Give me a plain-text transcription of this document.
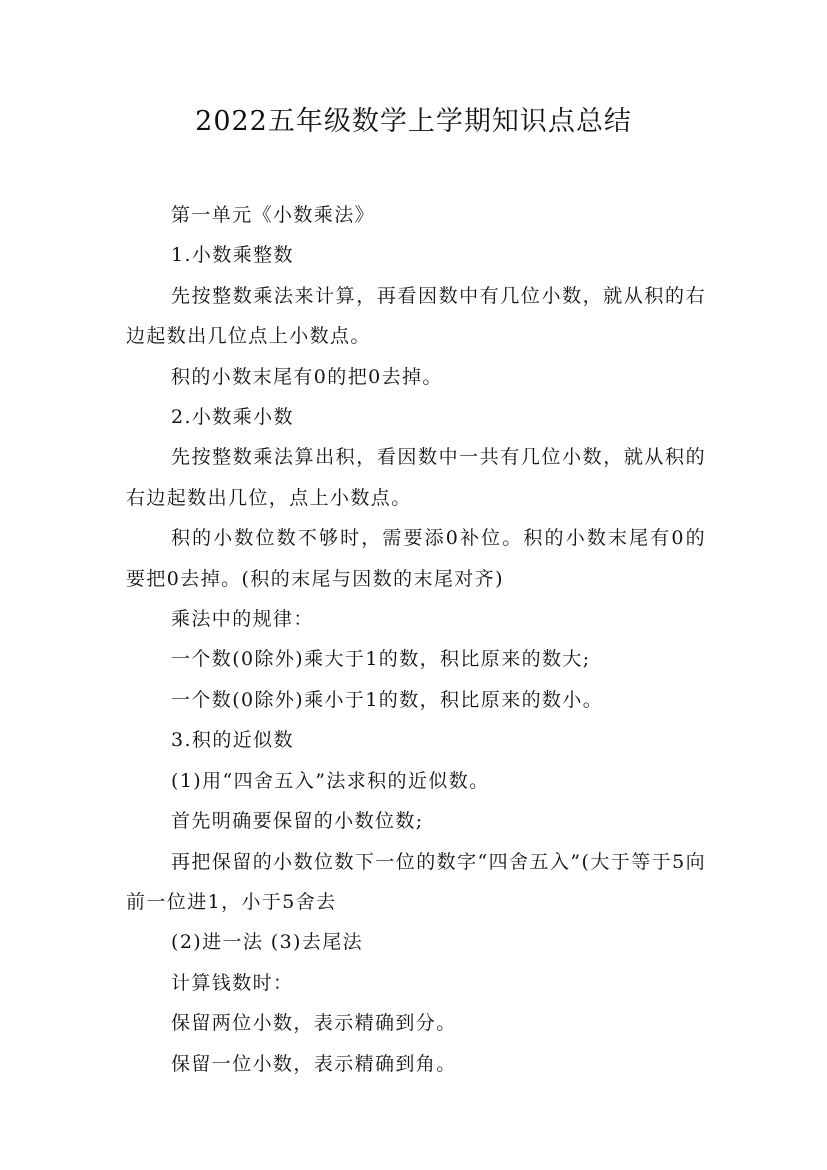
2022五年级数学上学期知识点总结

第一单元《小数乘法》

1.小数乘整数

先按整数乘法来计算，再看因数中有几位小数，就从积的右边起数出几位点上小数点。

积的小数末尾有0的把0去掉。

2.小数乘小数

先按整数乘法算出积，看因数中一共有几位小数，就从积的右边起数出几位，点上小数点。

积的小数位数不够时，需要添0补位。积的小数末尾有0的要把0去掉。(积的末尾与因数的末尾对齐)

乘法中的规律：

一个数(0除外)乘大于1的数，积比原来的数大;

一个数(0除外)乘小于1的数，积比原来的数小。

3.积的近似数

(1)用“四舍五入”法求积的近似数。

首先明确要保留的小数位数;

再把保留的小数位数下一位的数字“四舍五入”(大于等于5向前一位进1，小于5舍去

(2)进一法 (3)去尾法

计算钱数时：

保留两位小数，表示精确到分。

保留一位小数，表示精确到角。
